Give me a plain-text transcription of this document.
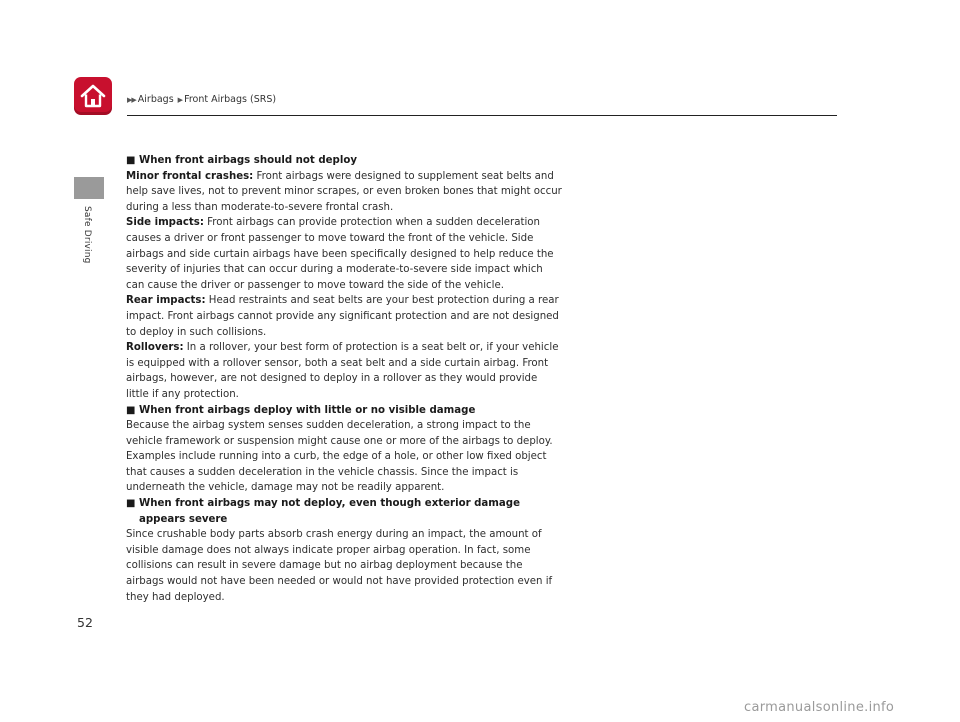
▶▶ Airbags ▶ Front Airbags (SRS)
Safe Driving
■ When front airbags should not deploy

Minor frontal crashes: Front airbags were designed to supplement seat belts and help save lives, not to prevent minor scrapes, or even broken bones that might occur during a less than moderate-to-severe frontal crash.

Side impacts: Front airbags can provide protection when a sudden deceleration causes a driver or front passenger to move toward the front of the vehicle. Side airbags and side curtain airbags have been specifically designed to help reduce the severity of injuries that can occur during a moderate-to-severe side impact which can cause the driver or passenger to move toward the side of the vehicle.

Rear impacts: Head restraints and seat belts are your best protection during a rear impact. Front airbags cannot provide any significant protection and are not designed to deploy in such collisions.

Rollovers: In a rollover, your best form of protection is a seat belt or, if your vehicle is equipped with a rollover sensor, both a seat belt and a side curtain airbag. Front airbags, however, are not designed to deploy in a rollover as they would provide little if any protection.

■ When front airbags deploy with little or no visible damage

Because the airbag system senses sudden deceleration, a strong impact to the vehicle framework or suspension might cause one or more of the airbags to deploy. Examples include running into a curb, the edge of a hole, or other low fixed object that causes a sudden deceleration in the vehicle chassis. Since the impact is underneath the vehicle, damage may not be readily apparent.

■ When front airbags may not deploy, even though exterior damage appears severe

Since crushable body parts absorb crash energy during an impact, the amount of visible damage does not always indicate proper airbag operation. In fact, some collisions can result in severe damage but no airbag deployment because the airbags would not have been needed or would not have provided protection even if they had deployed.

52
carmanualsonline.info
